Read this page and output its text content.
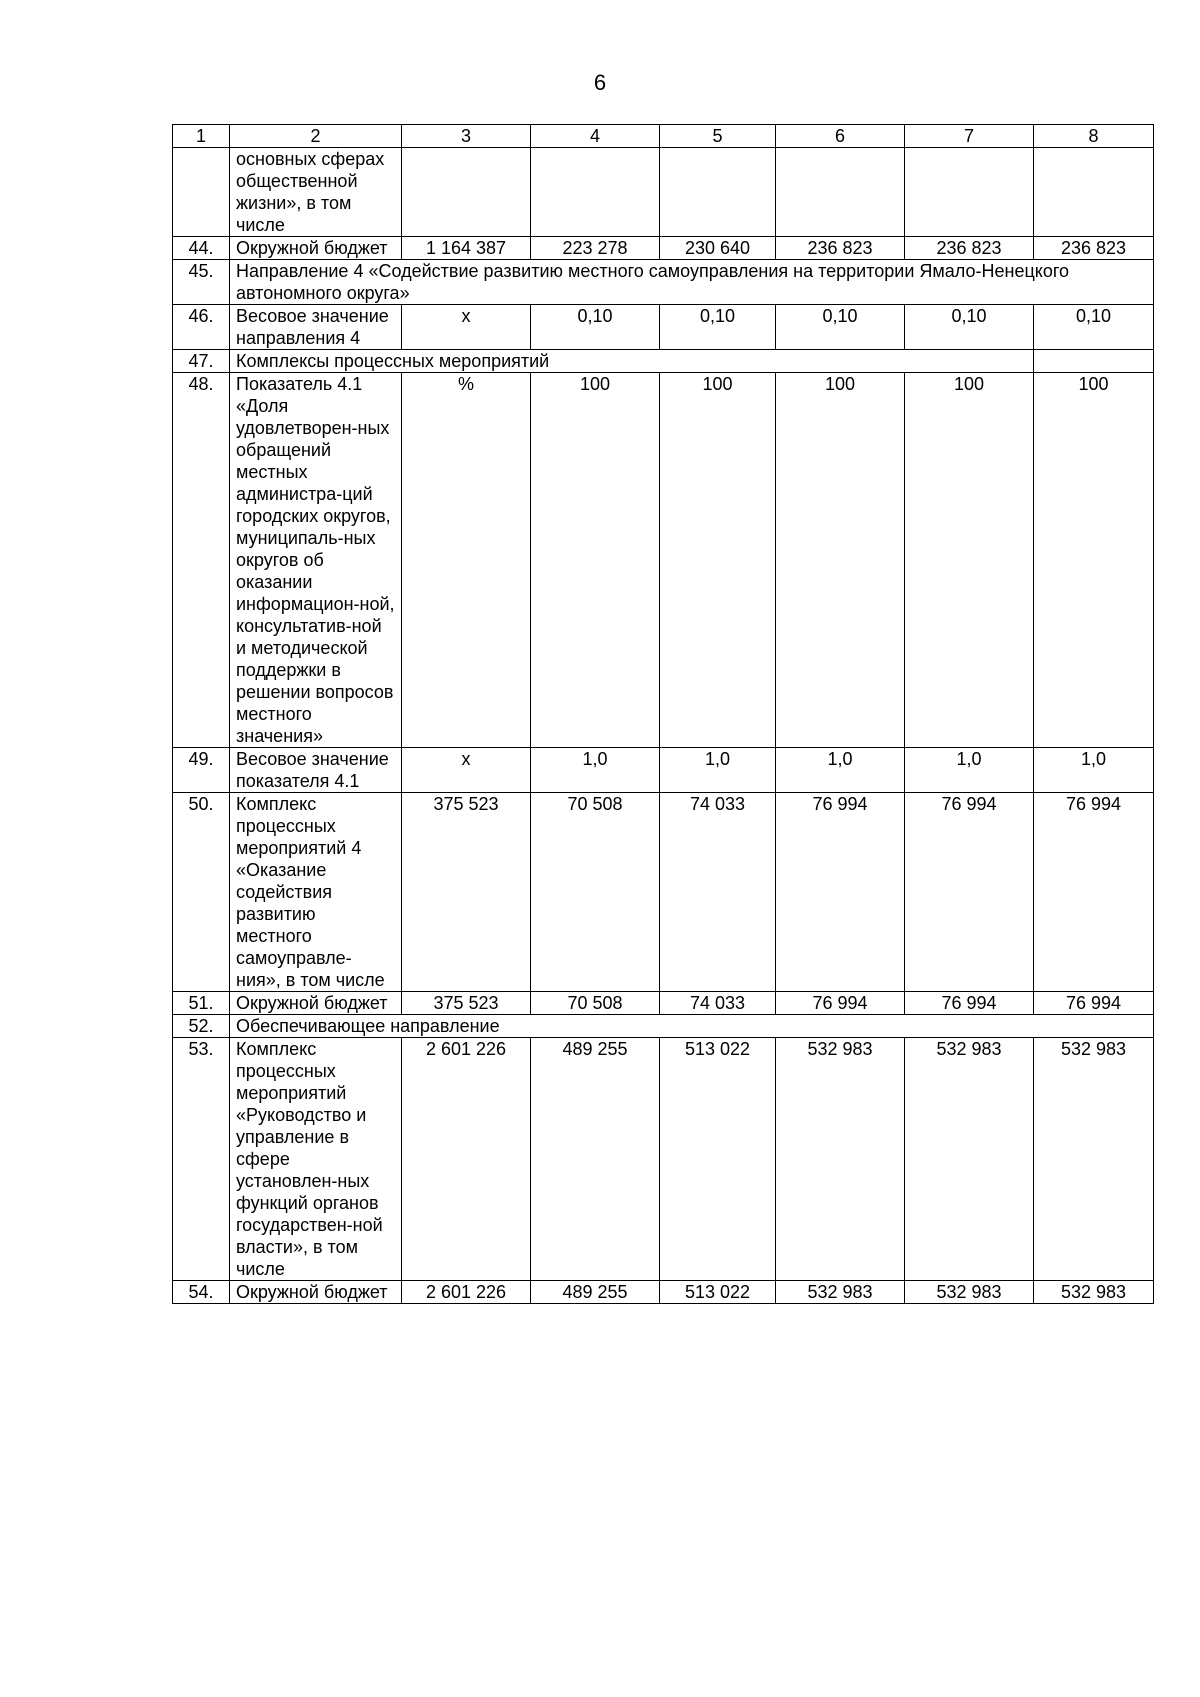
6
1	2	3	4	5	6	7	8
	основных сферах общественной жизни», в том числе						
44.	Окружной бюджет	1 164 387	223 278	230 640	236 823	236 823	236 823
45.	Направление 4 «Содействие развитию местного самоуправления на территории Ямало-Ненецкого автономного округа»						
46.	Весовое значение направления 4	x	0,10	0,10	0,10	0,10	0,10
47.	Комплексы процессных мероприятий						
48.	Показатель 4.1 «Доля удовлетворен-ных обращений местных администра-ций городских округов, муниципаль-ных округов об оказании информацион-ной, консультатив-ной и методической поддержки в решении вопросов местного значения»	%	100	100	100	100	100
49.	Весовое значение показателя 4.1	x	1,0	1,0	1,0	1,0	1,0
50.	Комплекс процессных мероприятий 4 «Оказание содействия развитию местного самоуправле-ния», в том числе	375 523	70 508	74 033	76 994	76 994	76 994
51.	Окружной бюджет	375 523	70 508	74 033	76 994	76 994	76 994
52.	Обеспечивающее направление						
53.	Комплекс процессных мероприятий «Руководство и управление в сфере установлен-ных функций органов государствен-ной власти», в том числе	2 601 226	489 255	513 022	532 983	532 983	532 983
54.	Окружной бюджет	2 601 226	489 255	513 022	532 983	532 983	532 983
